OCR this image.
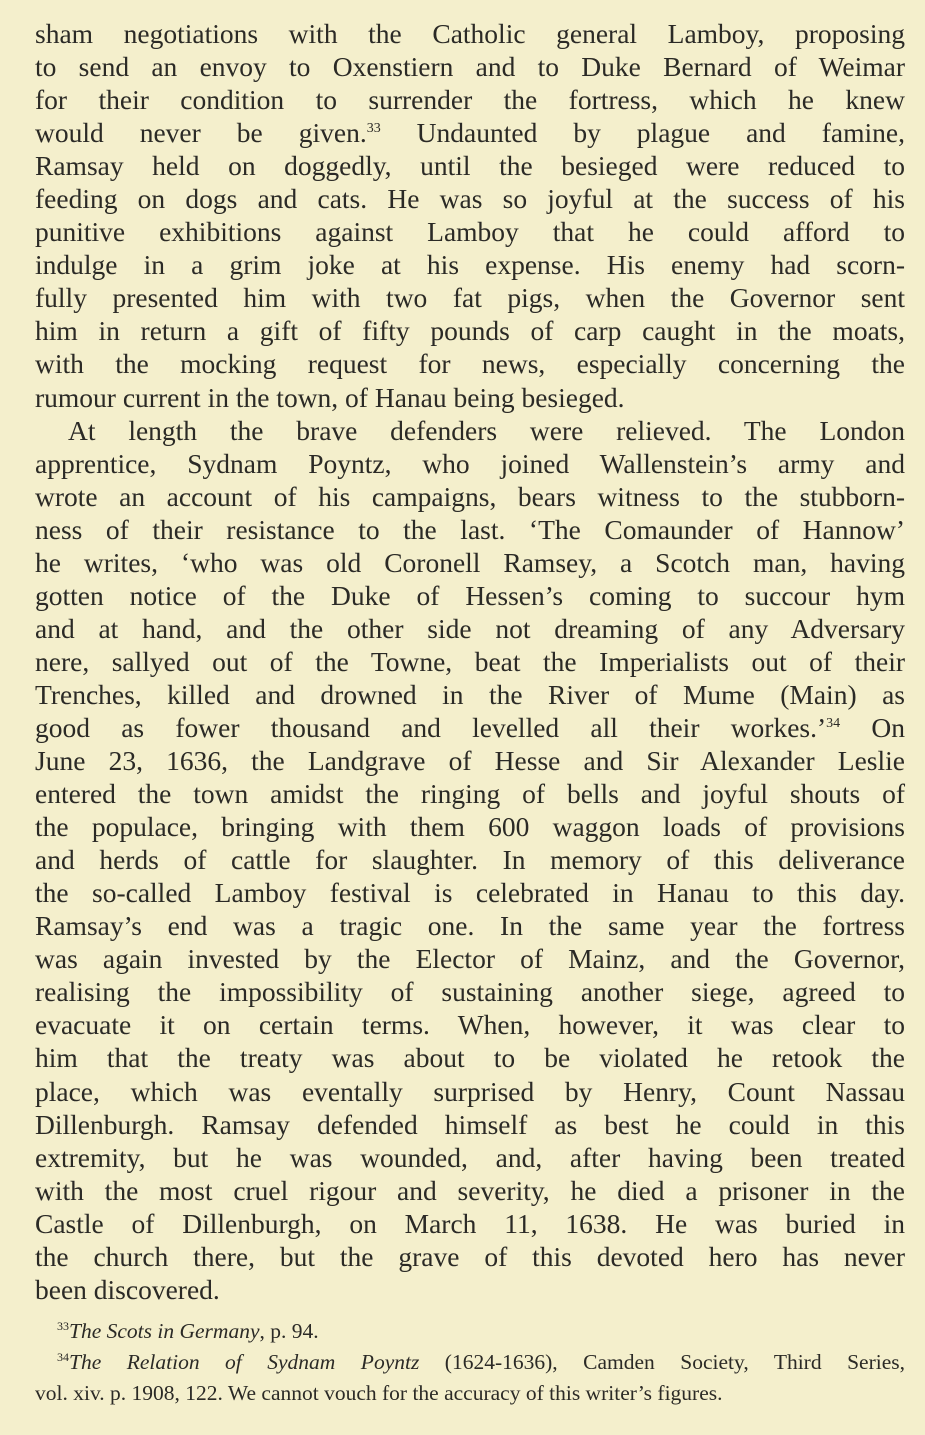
sham negotiations with the Catholic general Lamboy, proposing
to send an envoy to Oxenstiern and to Duke Bernard of Weimar
for their condition to surrender the fortress, which he knew
would never be given.$^{33}$ Undaunted by plague and famine,
Ramsay held on doggedly, until the besieged were reduced to
feeding on dogs and cats. He was so joyful at the success of his
punitive exhibitions against Lamboy that he could afford to
indulge in a grim joke at his expense. His enemy had scorn-
fully presented him with two fat pigs, when the Governor sent
him in return a gift of fifty pounds of carp caught in the moats,
with the mocking request for news, especially concerning the
rumour current in the town, of Hanau being besieged.
At length the brave defenders were relieved. The London
apprentice, Sydnam Poyntz, who joined Wallenstein’s army and
wrote an account of his campaigns, bears witness to the stubborn-
ness of their resistance to the last. ‘The Comaunder of Hannow’
he writes, ‘who was old Coronell Ramsey, a Scotch man, having
gotten notice of the Duke of Hessen’s coming to succour hym
and at hand, and the other side not dreaming of any Adversary
nere, sallyed out of the Towne, beat the Imperialists out of their
Trenches, killed and drowned in the River of Mume (Main) as
good as fower thousand and levelled all their workes.’$^{34}$ On
June 23, 1636, the Landgrave of Hesse and Sir Alexander Leslie
entered the town amidst the ringing of bells and joyful shouts of
the populace, bringing with them 600 waggon loads of provisions
and herds of cattle for slaughter. In memory of this deliverance
the so-called Lamboy festival is celebrated in Hanau to this day.
Ramsay’s end was a tragic one. In the same year the fortress
was again invested by the Elector of Mainz, and the Governor,
realising the impossibility of sustaining another siege, agreed to
evacuate it on certain terms. When, however, it was clear to
him that the treaty was about to be violated he retook the
place, which was eventally surprised by Henry, Count Nassau
Dillenburgh. Ramsay defended himself as best he could in this
extremity, but he was wounded, and, after having been treated
with the most cruel rigour and severity, he died a prisoner in the
Castle of Dillenburgh, on March 11, 1638. He was buried in
the church there, but the grave of this devoted hero has never
been discovered.
$^{33}$The Scots in Germany, p. 94.
$^{34}$The Relation of Sydnam Poyntz (1624-1636), Camden Society, Third Series,
vol. xiv. p. 1908, 122. We cannot vouch for the accuracy of this writer’s figures.
